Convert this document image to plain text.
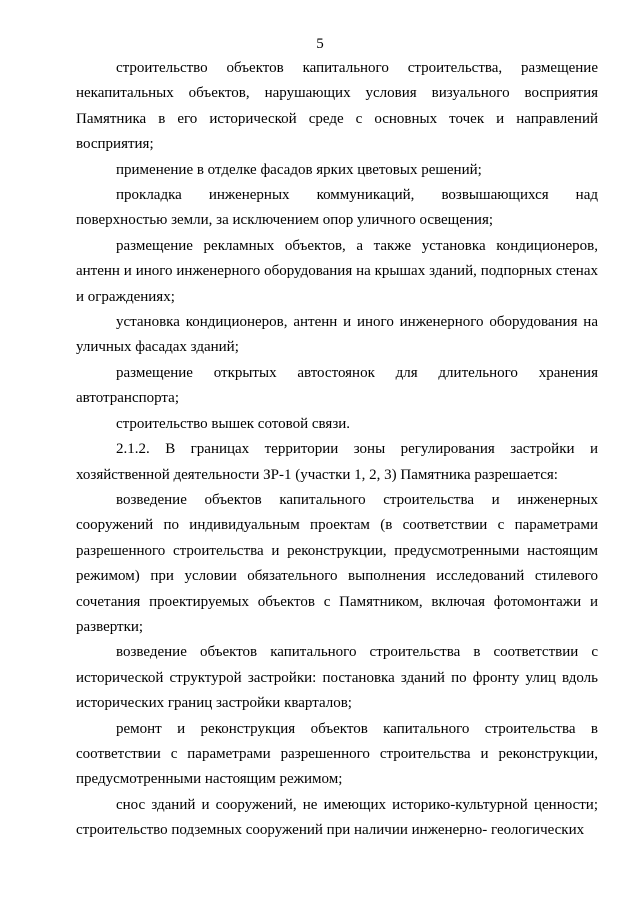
5

строительство объектов капитального строительства, размещение некапитальных объектов, нарушающих условия визуального восприятия Памятника в его исторической среде с основных точек и направлений восприятия;

применение в отделке фасадов ярких цветовых решений;

прокладка инженерных коммуникаций, возвышающихся над поверхностью земли, за исключением опор уличного освещения;

размещение рекламных объектов, а также установка кондиционеров, антенн и иного инженерного оборудования на крышах зданий, подпорных стенах и ограждениях;

установка кондиционеров, антенн и иного инженерного оборудования на уличных фасадах зданий;

размещение открытых автостоянок для длительного хранения автотранспорта;

строительство вышек сотовой связи.

2.1.2. В границах территории зоны регулирования застройки и хозяйственной деятельности ЗР-1 (участки 1, 2, 3) Памятника разрешается:

возведение объектов капитального строительства и инженерных сооружений по индивидуальным проектам (в соответствии с параметрами разрешенного строительства и реконструкции, предусмотренными настоящим режимом) при условии обязательного выполнения исследований стилевого сочетания проектируемых объектов с Памятником, включая фотомонтажи и развертки;

возведение объектов капитального строительства в соответствии с исторической структурой застройки: постановка зданий по фронту улиц вдоль исторических границ застройки кварталов;

ремонт и реконструкция объектов капитального строительства в соответствии с параметрами разрешенного строительства и реконструкции, предусмотренными настоящим режимом;

снос зданий и сооружений, не имеющих историко-культурной ценности; строительство подземных сооружений при наличии инженерно- геологических
